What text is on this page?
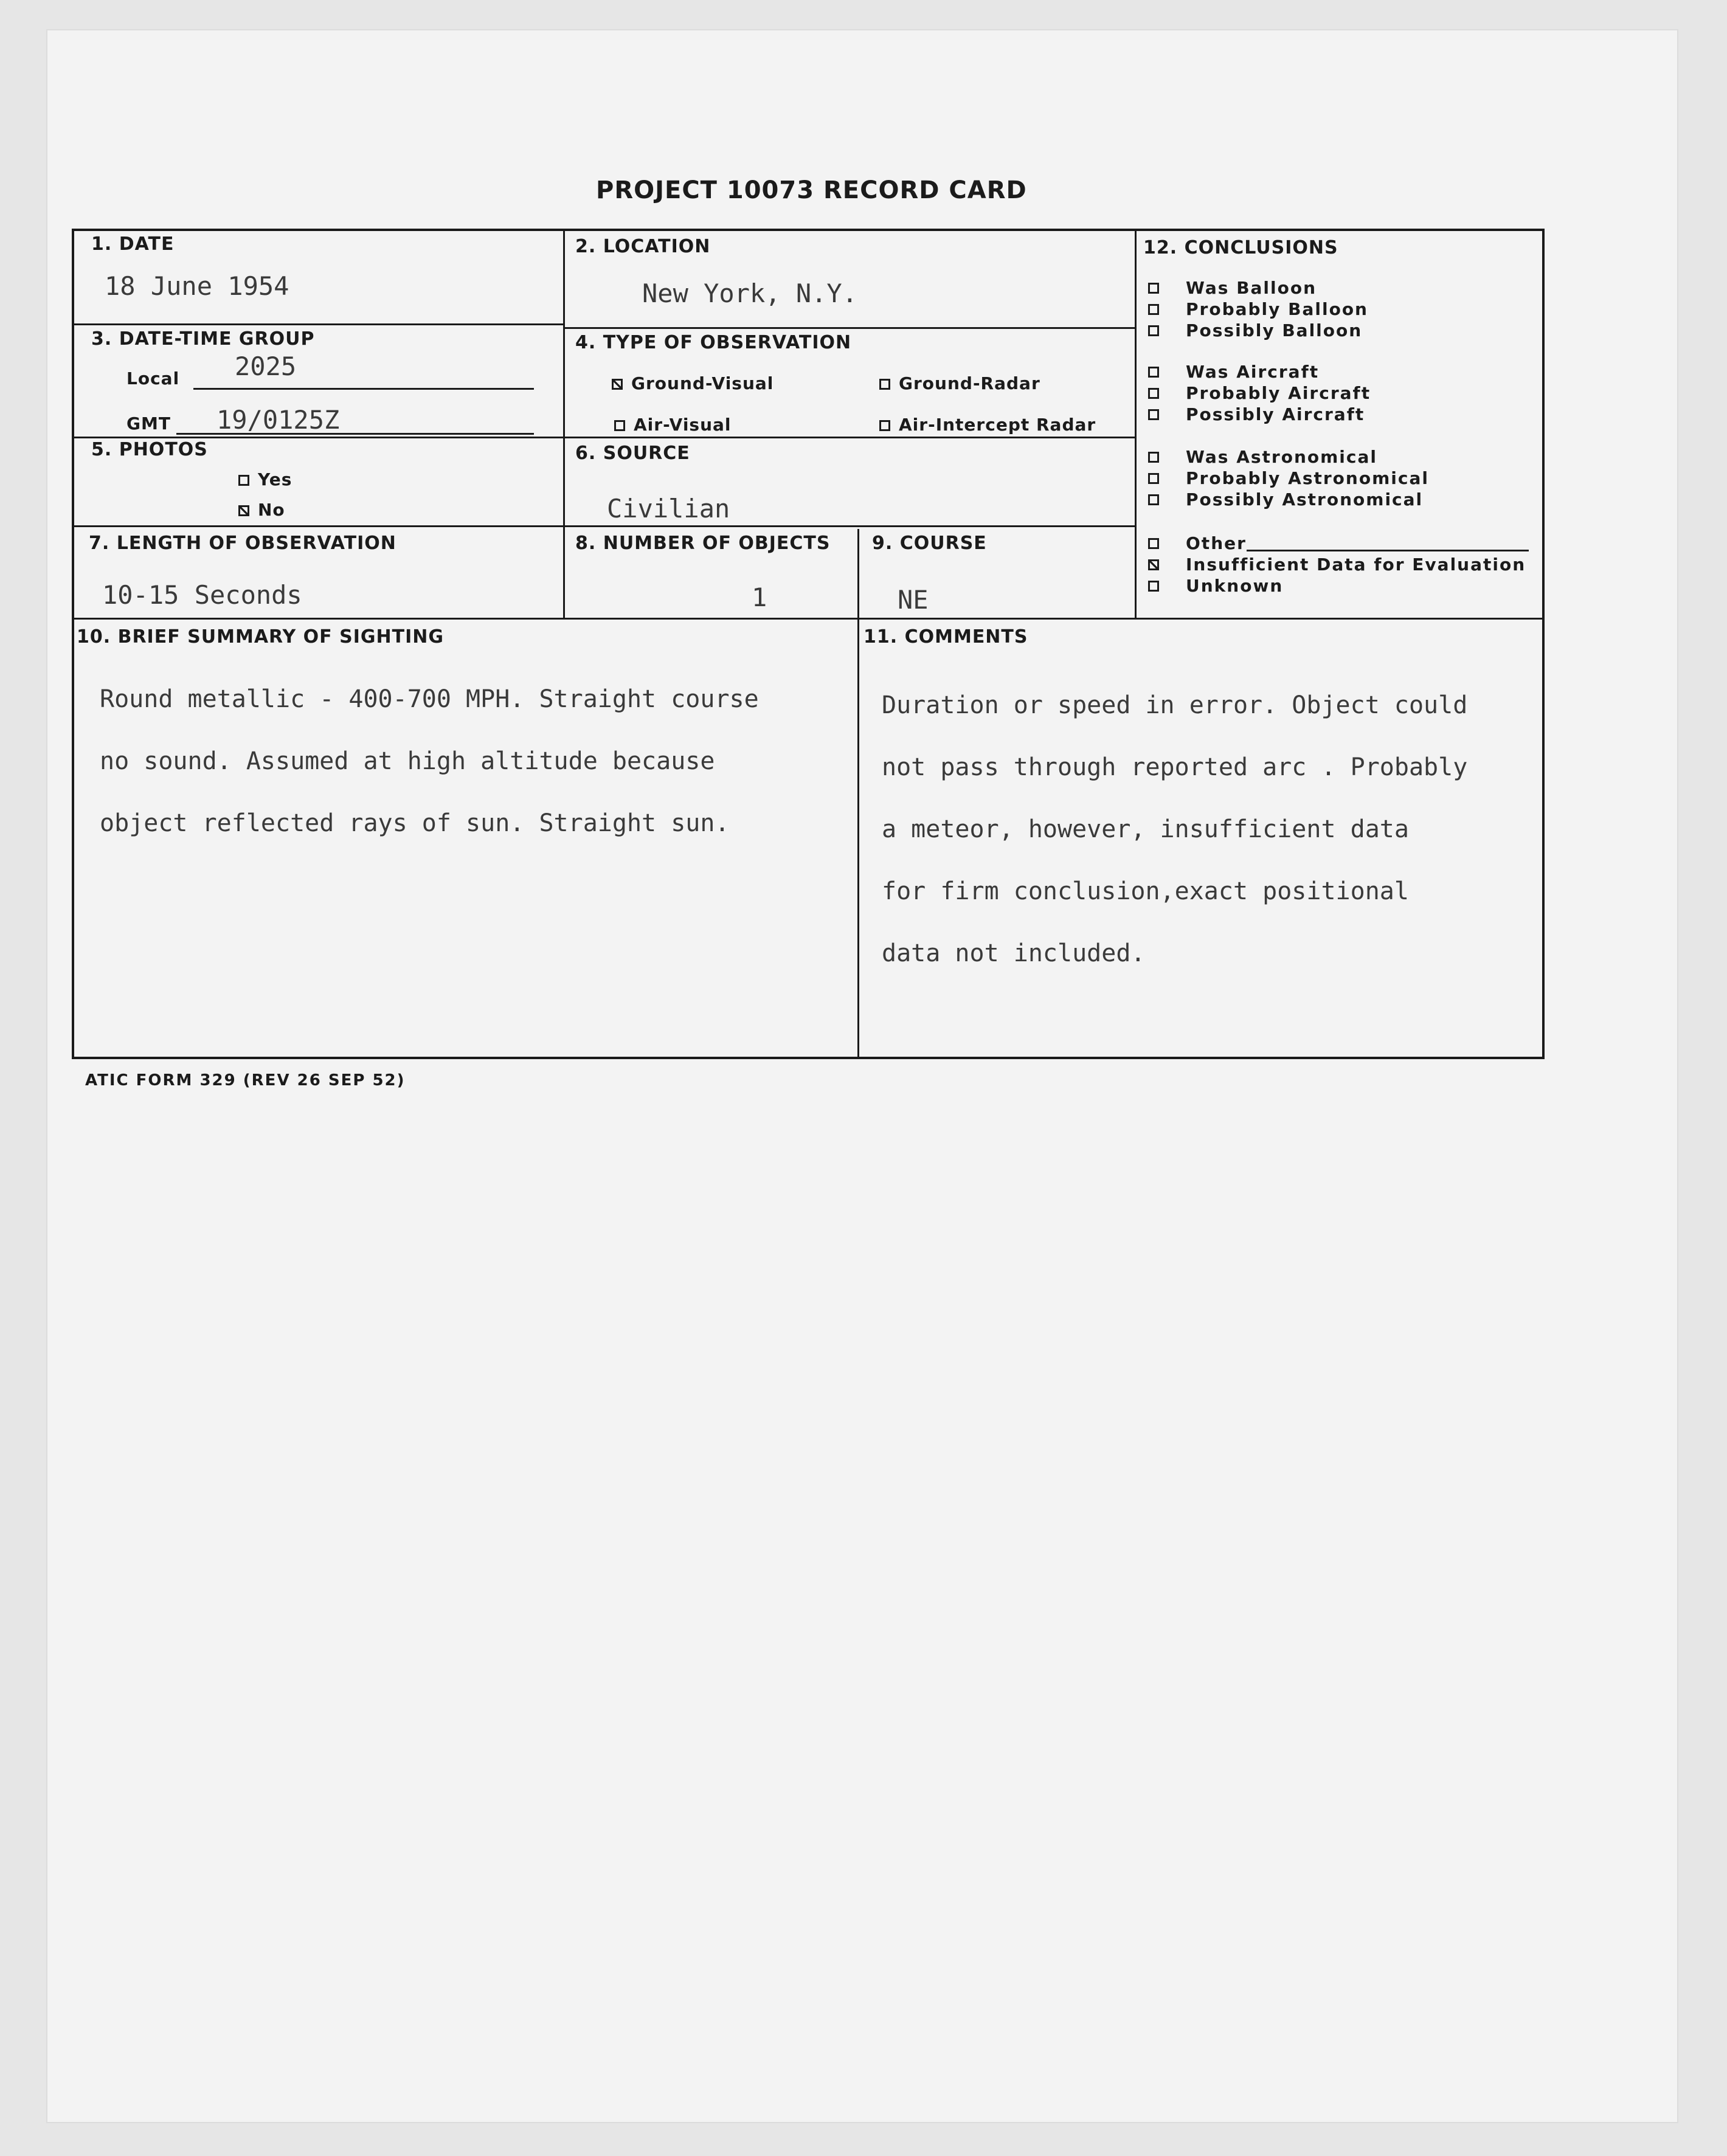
PROJECT 10073 RECORD CARD
1. DATE
18 June 1954
2. LOCATION
New York, N.Y.
3. DATE-TIME GROUP
Local 2025
GMT 19/0125Z
4. TYPE OF OBSERVATION
Ground-Visual	Ground-Radar
Air-Visual	Air-Intercept Radar
5. PHOTOS
Yes
No
6. SOURCE
Civilian
7. LENGTH OF OBSERVATION
10-15 Seconds
8. NUMBER OF OBJECTS
1
9. COURSE
NE
10. BRIEF SUMMARY OF SIGHTING

Round metallic - 400-700 MPH. Straight course

no sound. Assumed at high altitude because

object reflected rays of sun. Straight sun.

11. COMMENTS

Duration or speed in error. Object could

not pass through reported arc . Probably

a meteor, however, insufficient data

for firm conclusion,exact positional

data not included.

12. CONCLUSIONS
Was Balloon
Probably Balloon
Possibly Balloon
Was Aircraft
Probably Aircraft
Possibly Aircraft
Was Astronomical
Probably Astronomical
Possibly Astronomical
Other
Insufficient Data for Evaluation
Unknown
ATIC FORM 329 (REV 26 SEP 52)
